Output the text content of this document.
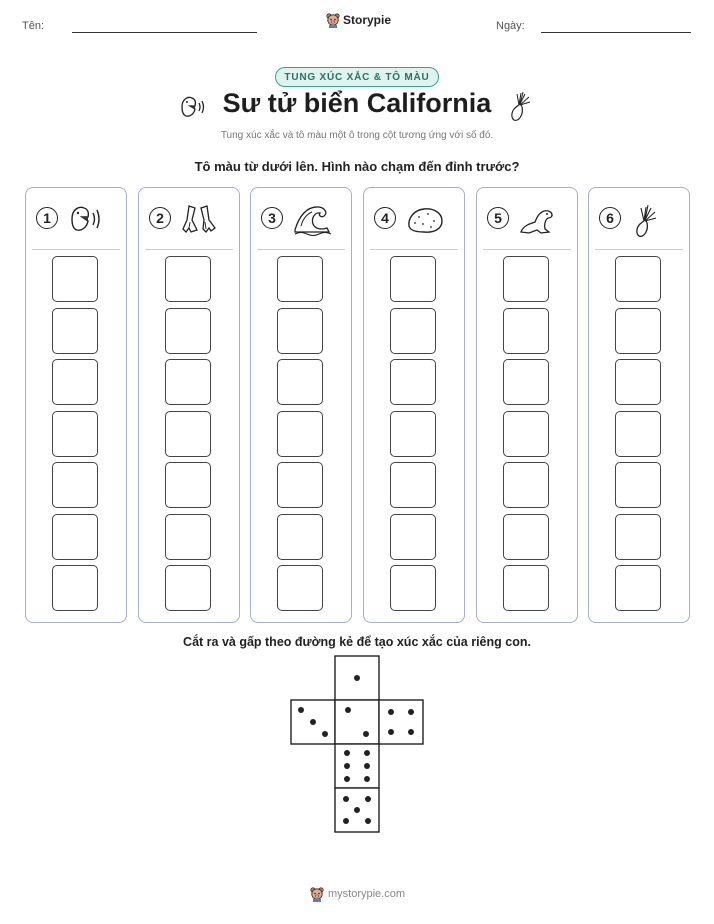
Tên:	Storypie	Ngày:
TUNG XÚC XẮC & TÔ MÀU
Sư tử biển California
Tung xúc xắc và tô màu một ô trong cột tương ứng với số đó.
Tô màu từ dưới lên. Hình nào chạm đến đỉnh trước?
1	2	3	4	5	6
Cắt ra và gấp theo đường kẻ để tạo xúc xắc của riêng con.
mystorypie.com
